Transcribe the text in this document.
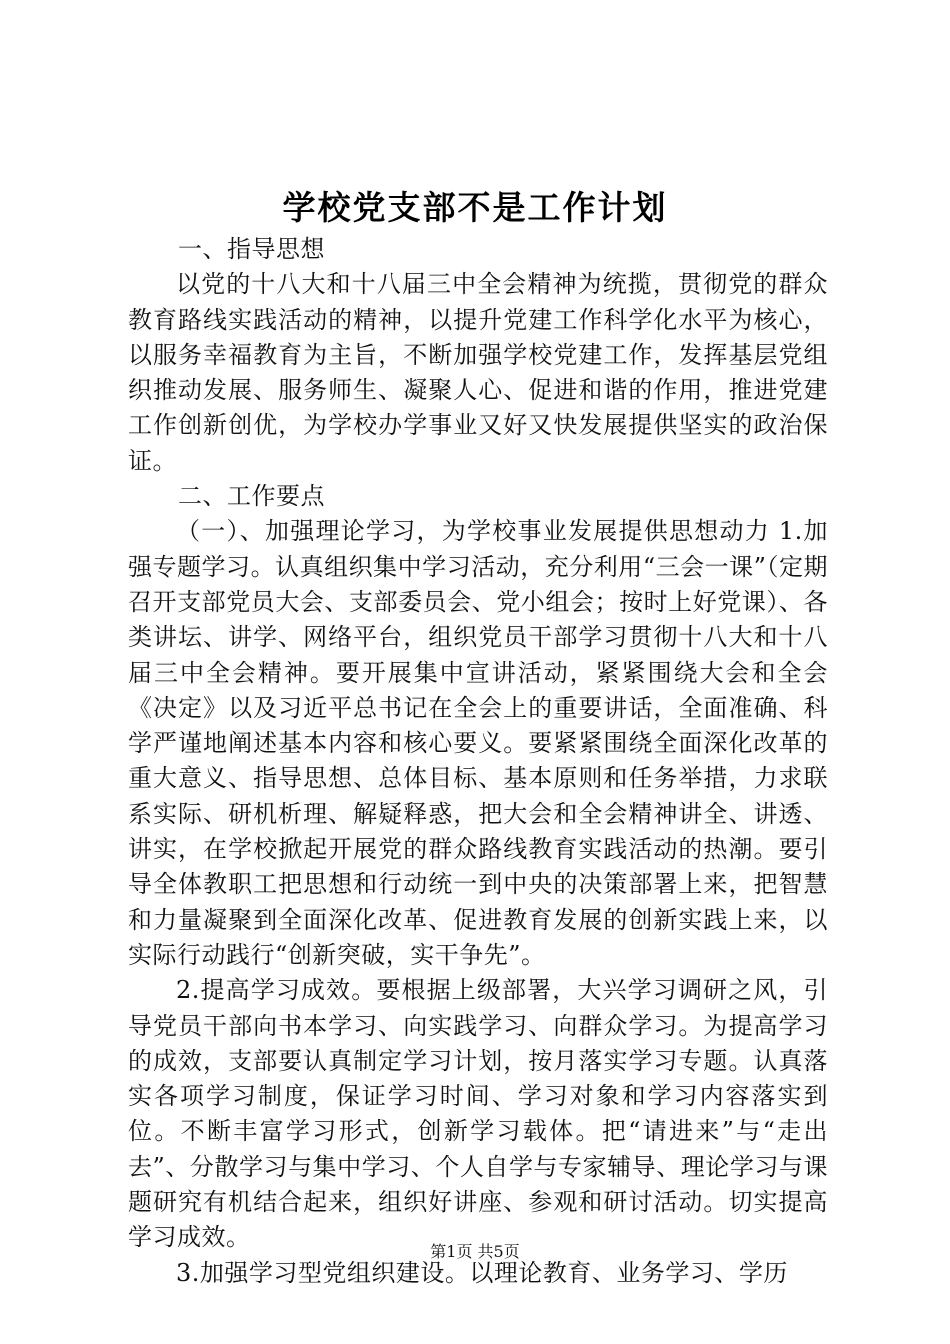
学校党支部不是工作计划

一、指导思想

以党的十八大和十八届三中全会精神为统揽，贯彻党的群众教育路线实践活动的精神，以提升党建工作科学化水平为核心，以服务幸福教育为主旨，不断加强学校党建工作，发挥基层党组织推动发展、服务师生、凝聚人心、促进和谐的作用，推进党建工作创新创优，为学校办学事业又好又快发展提供坚实的政治保证。

二、工作要点

（一）、加强理论学习，为学校事业发展提供思想动力 1.加强专题学习。认真组织集中学习活动，充分利用“三会一课”（定期召开支部党员大会、支部委员会、党小组会；按时上好党课）、各类讲坛、讲学、网络平台，组织党员干部学习贯彻十八大和十八届三中全会精神。要开展集中宣讲活动，紧紧围绕大会和全会《决定》以及习近平总书记在全会上的重要讲话，全面准确、科学严谨地阐述基本内容和核心要义。要紧紧围绕全面深化改革的重大意义、指导思想、总体目标、基本原则和任务举措，力求联系实际、研机析理、解疑释惑，把大会和全会精神讲全、讲透、讲实，在学校掀起开展党的群众路线教育实践活动的热潮。要引导全体教职工把思想和行动统一到中央的决策部署上来，把智慧和力量凝聚到全面深化改革、促进教育发展的创新实践上来，以实际行动践行“创新突破，实干争先”。

2.提高学习成效。要根据上级部署，大兴学习调研之风，引导党员干部向书本学习、向实践学习、向群众学习。为提高学习的成效，支部要认真制定学习计划，按月落实学习专题。认真落实各项学习制度，保证学习时间、学习对象和学习内容落实到位。不断丰富学习形式，创新学习载体。把“请进来”与“走出去”、分散学习与集中学习、个人自学与专家辅导、理论学习与课题研究有机结合起来，组织好讲座、参观和研讨活动。切实提高学习成效。

3.加强学习型党组织建设。以理论教育、业务学习、学历

第1页 共5页
